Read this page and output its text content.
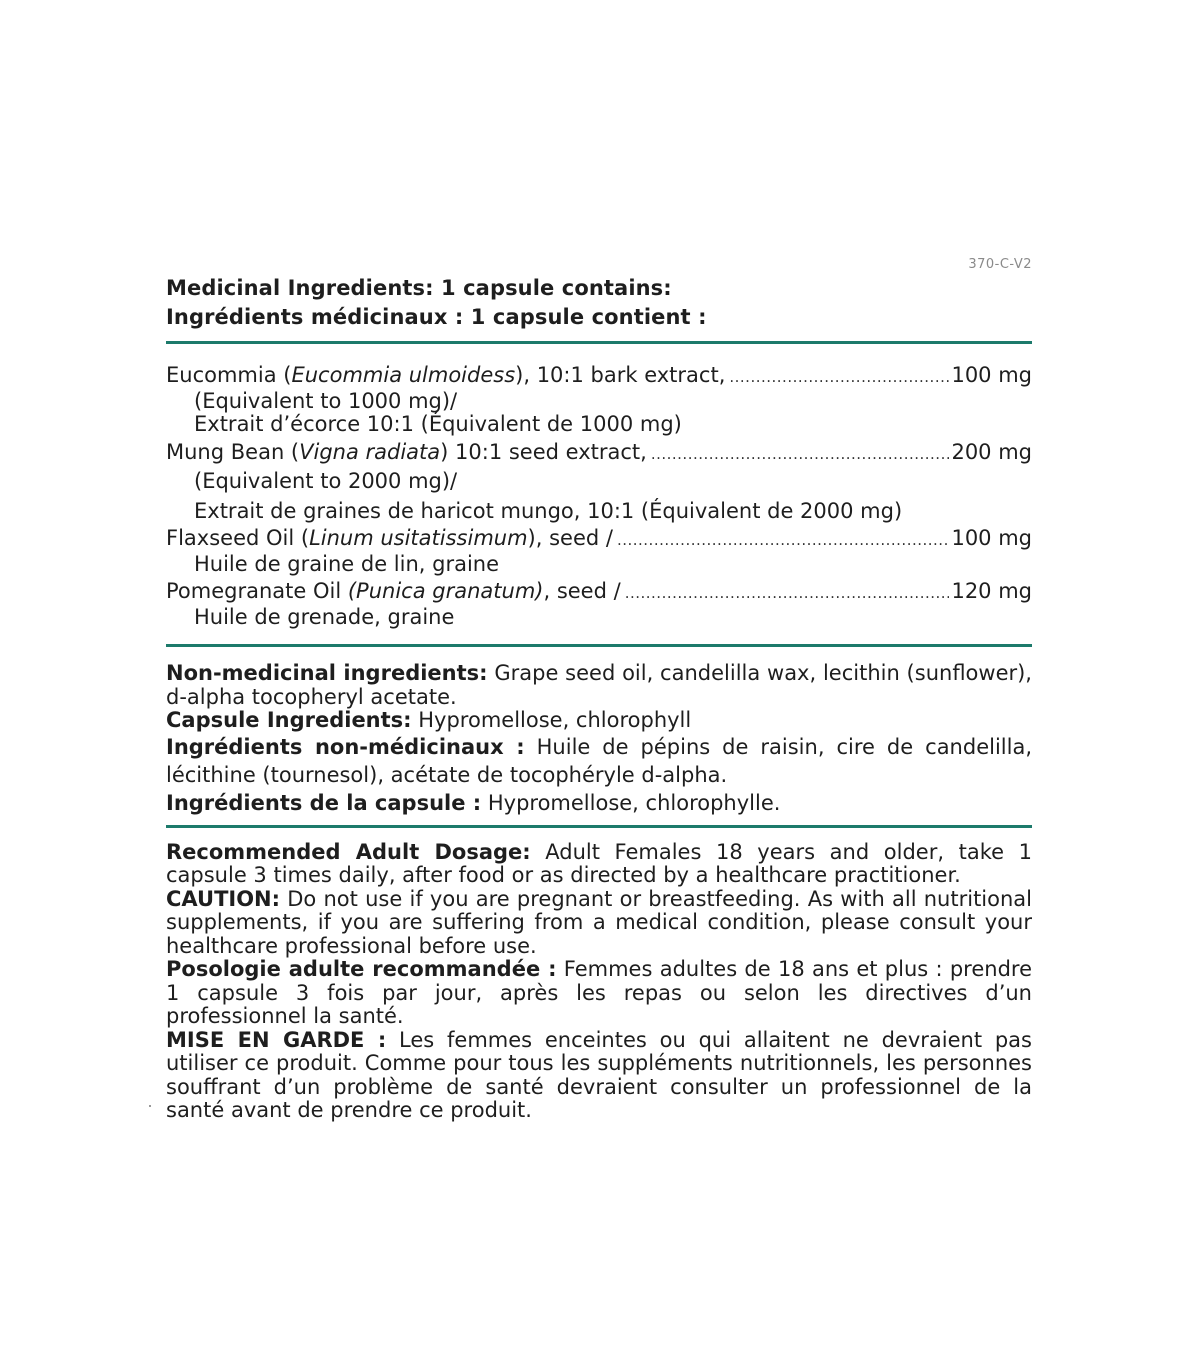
370-C-V2
Medicinal Ingredients: 1 capsule contains:
Ingrédients médicinaux : 1 capsule contient :
Eucommia (Eucommia ulmoidess), 10:1 bark extract, .....	100 mg
(Equivalent to 1000 mg)/
Extrait d’écorce 10:1 (Équivalent de 1000 mg)
Mung Bean (Vigna radiata) 10:1 seed extract, .....	200 mg
(Equivalent to 2000 mg)/
Extrait de graines de haricot mungo, 10:1 (Équivalent de 2000 mg)
Flaxseed Oil (Linum usitatissimum), seed / .....	100 mg
Huile de graine de lin, graine
Pomegranate Oil (Punica granatum), seed / .....	120 mg
Huile de grenade, graine

Non-medicinal ingredients: Grape seed oil, candelilla wax, lecithin (sunflower), d-alpha tocopheryl acetate.

Capsule Ingredients: Hypromellose, chlorophyll

Ingrédients non-médicinaux : Huile de pépins de raisin, cire de candelilla, lécithine (tournesol), acétate de tocophéryle d-alpha.

Ingrédients de la capsule : Hypromellose, chlorophylle.

Recommended Adult Dosage: Adult Females 18 years and older, take 1 capsule 3 times daily, after food or as directed by a healthcare practitioner.

CAUTION: Do not use if you are pregnant or breastfeeding. As with all nutritional supplements, if you are suffering from a medical condition, please consult your healthcare professional before use.

Posologie adulte recommandée : Femmes adultes de 18 ans et plus : prendre 1 capsule 3 fois par jour, après les repas ou selon les directives d’un professionnel la santé.

MISE EN GARDE : Les femmes enceintes ou qui allaitent ne devraient pas utiliser ce produit. Comme pour tous les suppléments nutritionnels, les personnes souffrant d’un problème de santé devraient consulter un professionnel de la santé avant de prendre ce produit.
